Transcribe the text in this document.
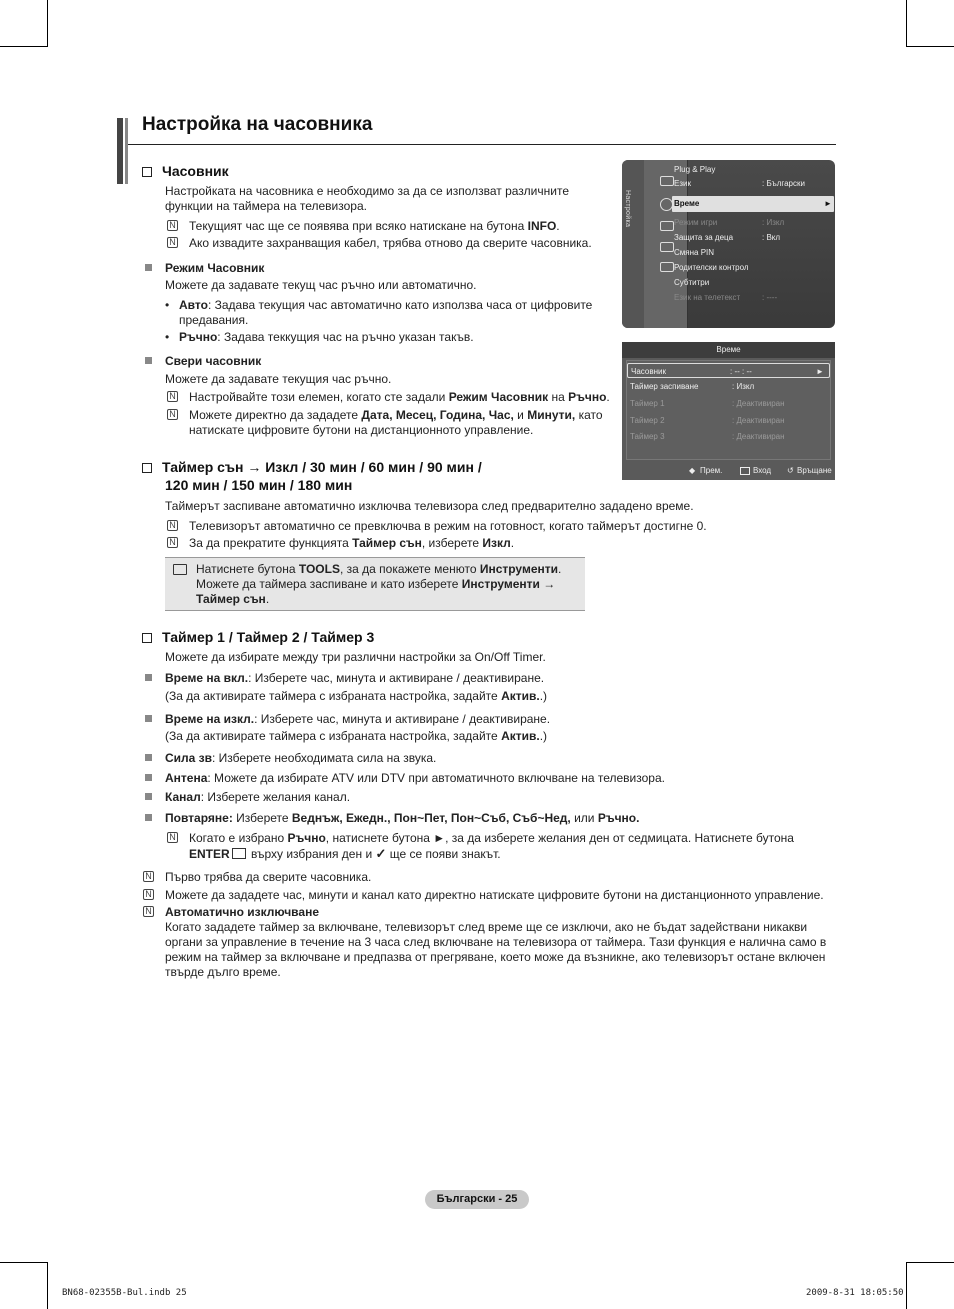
Настройка на часовника
Часовник
Настройката на часовника е необходимо за да се използват различните функции на таймера на телевизора.
N Текущият час ще се появява при всяко натискане на бутона INFO.
N Ако извадите захранващия кабел, трябва отново да сверите часовника.
Режим Часовник
Можете да задавате текущ час ръчно или автоматично.
• Авто: Задава текущия час автоматично като използва часа от цифровите
предавания.
• Ръчно: Задава теккущия час на ръчно указан такъв.
Свери часовник
Можете да задавате текущия час ръчно.
N Настройвайте този елемен, когато сте задали Режим Часовник на Ръчно.
N Можете директно да зададете Дата, Месец, Година, Час, и Минути, като
натискате цифровите бутони на дистанционното управление.
Таймер сън → Изкл / 30 мин / 60 мин / 90 мин /
120 мин / 150 мин / 180 мин
Таймерът заспиване автоматично изключва телевизора след предварително зададено време.
N Телевизорът автоматично се превключва в режим на готовност, когато таймерът достигне 0.
N За да прекратите функцията Таймер сън, изберете Изкл.
Натиснете бутона TOOLS, за да покажете менюто Инструменти.
Можете да таймера заспиване и като изберете Инструменти →
Таймер сън.
Таймер 1 / Таймер 2 / Таймер 3
Можете да избирате между три различни настройки за On/Off Timer.
Време на вкл.: Изберете час, минута и активиране / деактивиране.
(За да активирате таймера с избраната настройка, задайте Актив..)
Време на изкл.: Изберете час, минута и активиране / деактивиране.
(За да активирате таймера с избраната настройка, задайте Актив..)
Сила зв: Изберете необходимата сила на звука.
Антена: Можете да избирате ATV или DTV при автоматичното включване на телевизора.
Канал: Изберете желания канал.
Повтаряне: Изберете Веднъж, Ежедн., Пон~Пет, Пон~Съб, Съб~Нед, или Ръчно.
N Когато е избрано Ръчно, натиснете бутона ►, за да изберете желания ден от седмицата. Натиснете бутона
ENTER върху избрания ден и ✓ ще се появи знакът.
N Първо трябва да сверите часовника.
N Можете да зададете час, минути и канал като директно натискате цифровите бутони на дистанционното управление.
N Автоматично изключване
Когато зададете таймер за включване, телевизорът след време ще се изключи, ако не бъдат задействани никакви
органи за управление в течение на 3 часа след включване на телевизора от таймера. Тази функция е налична само в
режим на таймер за включване и предпазва от прегряване, което може да възникне, ако телевизорът остане включен
твърде дълго време.
Настройка
Plug & Play
Език	: Български
Време	►
Режим игри	: Изкл
Защита за деца	: Вкл
Смяна PIN
Родителски контрол
Субтитри
Език на телетекст	: ----
Време
Часовник	: -- : --	►
Таймер заспиване	: Изкл
Таймер 1	: Деактивиран
Таймер 2	: Деактивиран
Таймер 3	: Деактивиран
◆ Прем.	Вход ↺ Връщане
Български - 25
BN68-02355B-Bul.indb 25	2009-8-31 18:05:50
